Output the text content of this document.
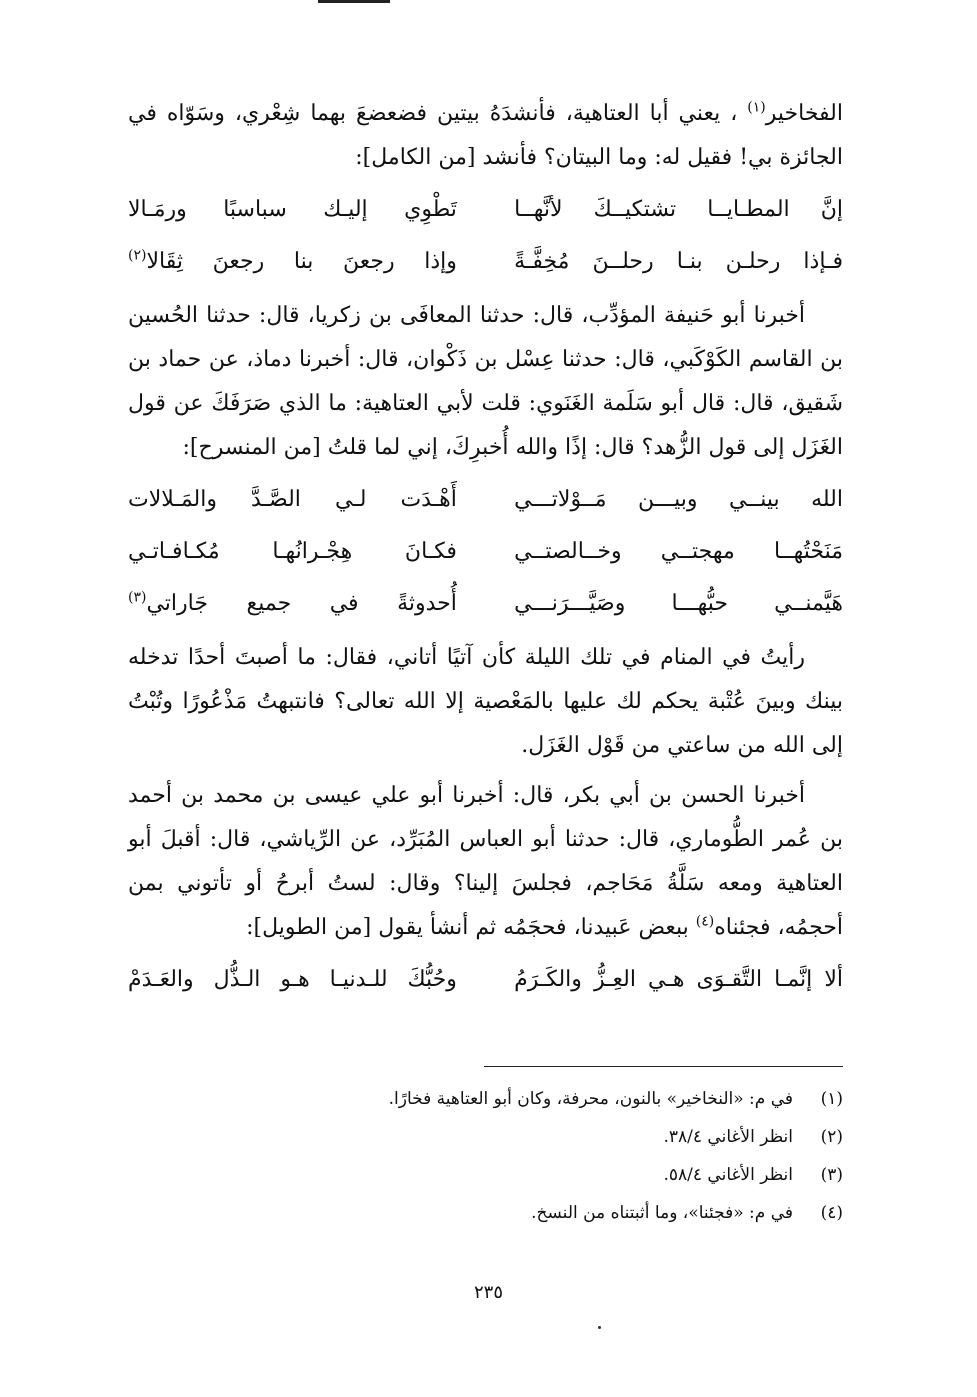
الفخاخير$^{(١)}$ ، يعني أبا العتاهية، فأنشدَهُ بيتين فضعضعَ بهما شِعْري، وسَوّاه في الجائزة بي! فقيل له: وما البيتان؟ فأنشد [من الكامل]:

إنَّ المطـايــا تشتكيــكَ لأنَّهــا
تَطْوِي إليـك سباسبًا ورمَـالا
فـإذا رحلـن بنـا رحلــنَ مُخِفَّـةً
وإذا رجعنَ بنا رجعنَ ثِقَالا$^{(٢)}$

أخبرنا أبو حَنيفة المؤدِّب، قال: حدثنا المعافَى بن زكريا، قال: حدثنا الحُسين بن القاسم الكَوْكَبي، قال: حدثنا عِسْل بن ذَكْوان، قال: أخبرنا دماذ، عن حماد بن شَقيق، قال: قال أبو سَلَمة الغَنَوي: قلت لأبي العتاهية: ما الذي صَرَفَكَ عن قول الغَزَل إلى قول الزُّهد؟ قال: إذًا والله أُخبرِكَ، إني لما قلتُ [من المنسرح]:

الله بينــي وبيـــن مَــوْلاتـــي
أَهْـدَت لـي الصَّـدَّ والمَـلالات
مَنَحْتُهــا مهجتــي وخــالصتــي
فكـانَ هِجْـرانُهـا مُكـافـاتـي
هَيَّمنــي حبُّهـــا وصَيَّـــرَنـــي
أُحدوثةً في جميع جَاراتي$^{(٣)}$

رأيتُ في المنام في تلك الليلة كأن آتيًا أتاني، فقال: ما أصبتَ أحدًا تدخله بينك وبينَ عُتْبة يحكم لك عليها بالمَعْصية إلا الله تعالى؟ فانتبهتُ مَذْعُورًا وتُبْتُ إلى الله من ساعتي من قَوْل الغَزَل.

أخبرنا الحسن بن أبي بكر، قال: أخبرنا أبو علي عيسى بن محمد بن أحمد بن عُمر الطُّوماري، قال: حدثنا أبو العباس المُبَرِّد، عن الرِّياشي، قال: أقبلَ أبو العتاهية ومعه سَلَّةُ مَحَاجم، فجلسَ إلينا؟ وقال: لستُ أبرحُ أو تأتوني بمن أحجمُه، فجئناه$^{(٤)}$ ببعض عَبيدنا، فحجَمُه ثم أنشأ يقول [من الطويل]:

ألا إنَّمـا التَّقـوَى هـي العِـزُّ والكَـرَمُ
وحُبُّكَ للـدنيـا هـو الـذُّل والعَـدَمْ
(١)
في م: «النخاخير» بالنون، محرفة، وكان أبو العتاهية فخارًا.
(٢)
انظر الأغاني ٣٨/٤.
(٣)
انظر الأغاني ٥٨/٤.
(٤)
في م: «فجئنا»، وما أثبتناه من النسخ.
٢٣٥
